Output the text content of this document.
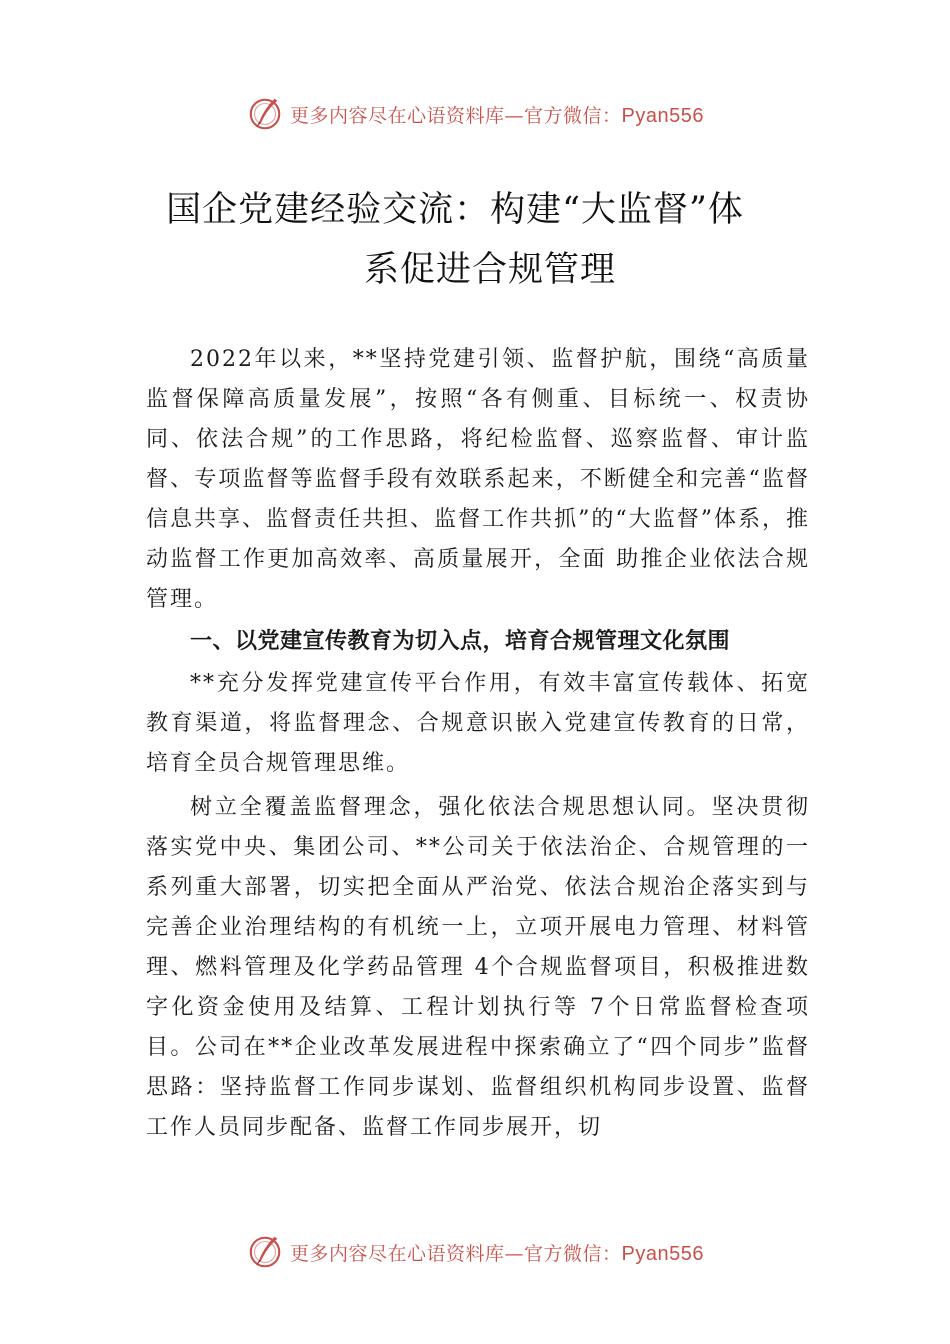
更多内容尽在心语资料库—官方微信：Pyan556
国企党建经验交流：构建“大监督”体
系促进合规管理

2022年以来，**坚持党建引领、监督护航，围绕“高质量监督保障高质量发展”，按照“各有侧重、目标统一、权责协同、依法合规”的工作思路，将纪检监督、巡察监督、审计监督、专项监督等监督手段有效联系起来，不断健全和完善“监督信息共享、监督责任共担、监督工作共抓”的“大监督”体系，推动监督工作更加高效率、高质量展开，全面 助推企业依法合规管理。

一、以党建宣传教育为切入点，培育合规管理文化氛围

**充分发挥党建宣传平台作用，有效丰富宣传载体、拓宽教育渠道，将监督理念、合规意识嵌入党建宣传教育的日常，培育全员合规管理思维。

树立全覆盖监督理念，强化依法合规思想认同。坚决贯彻落实党中央、集团公司、**公司关于依法治企、合规管理的一系列重大部署，切实把全面从严治党、依法合规治企落实到与完善企业治理结构的有机统一上，立项开展电力管理、材料管理、燃料管理及化学药品管理 4个合规监督项目，积极推进数字化资金使用及结算、工程计划执行等 7个日常监督检查项目。公司在**企业改革发展进程中探索确立了“四个同步”监督思路：坚持监督工作同步谋划、监督组织机构同步设置、监督工作人员同步配备、监督工作同步展开，切

更多内容尽在心语资料库—官方微信：Pyan556
